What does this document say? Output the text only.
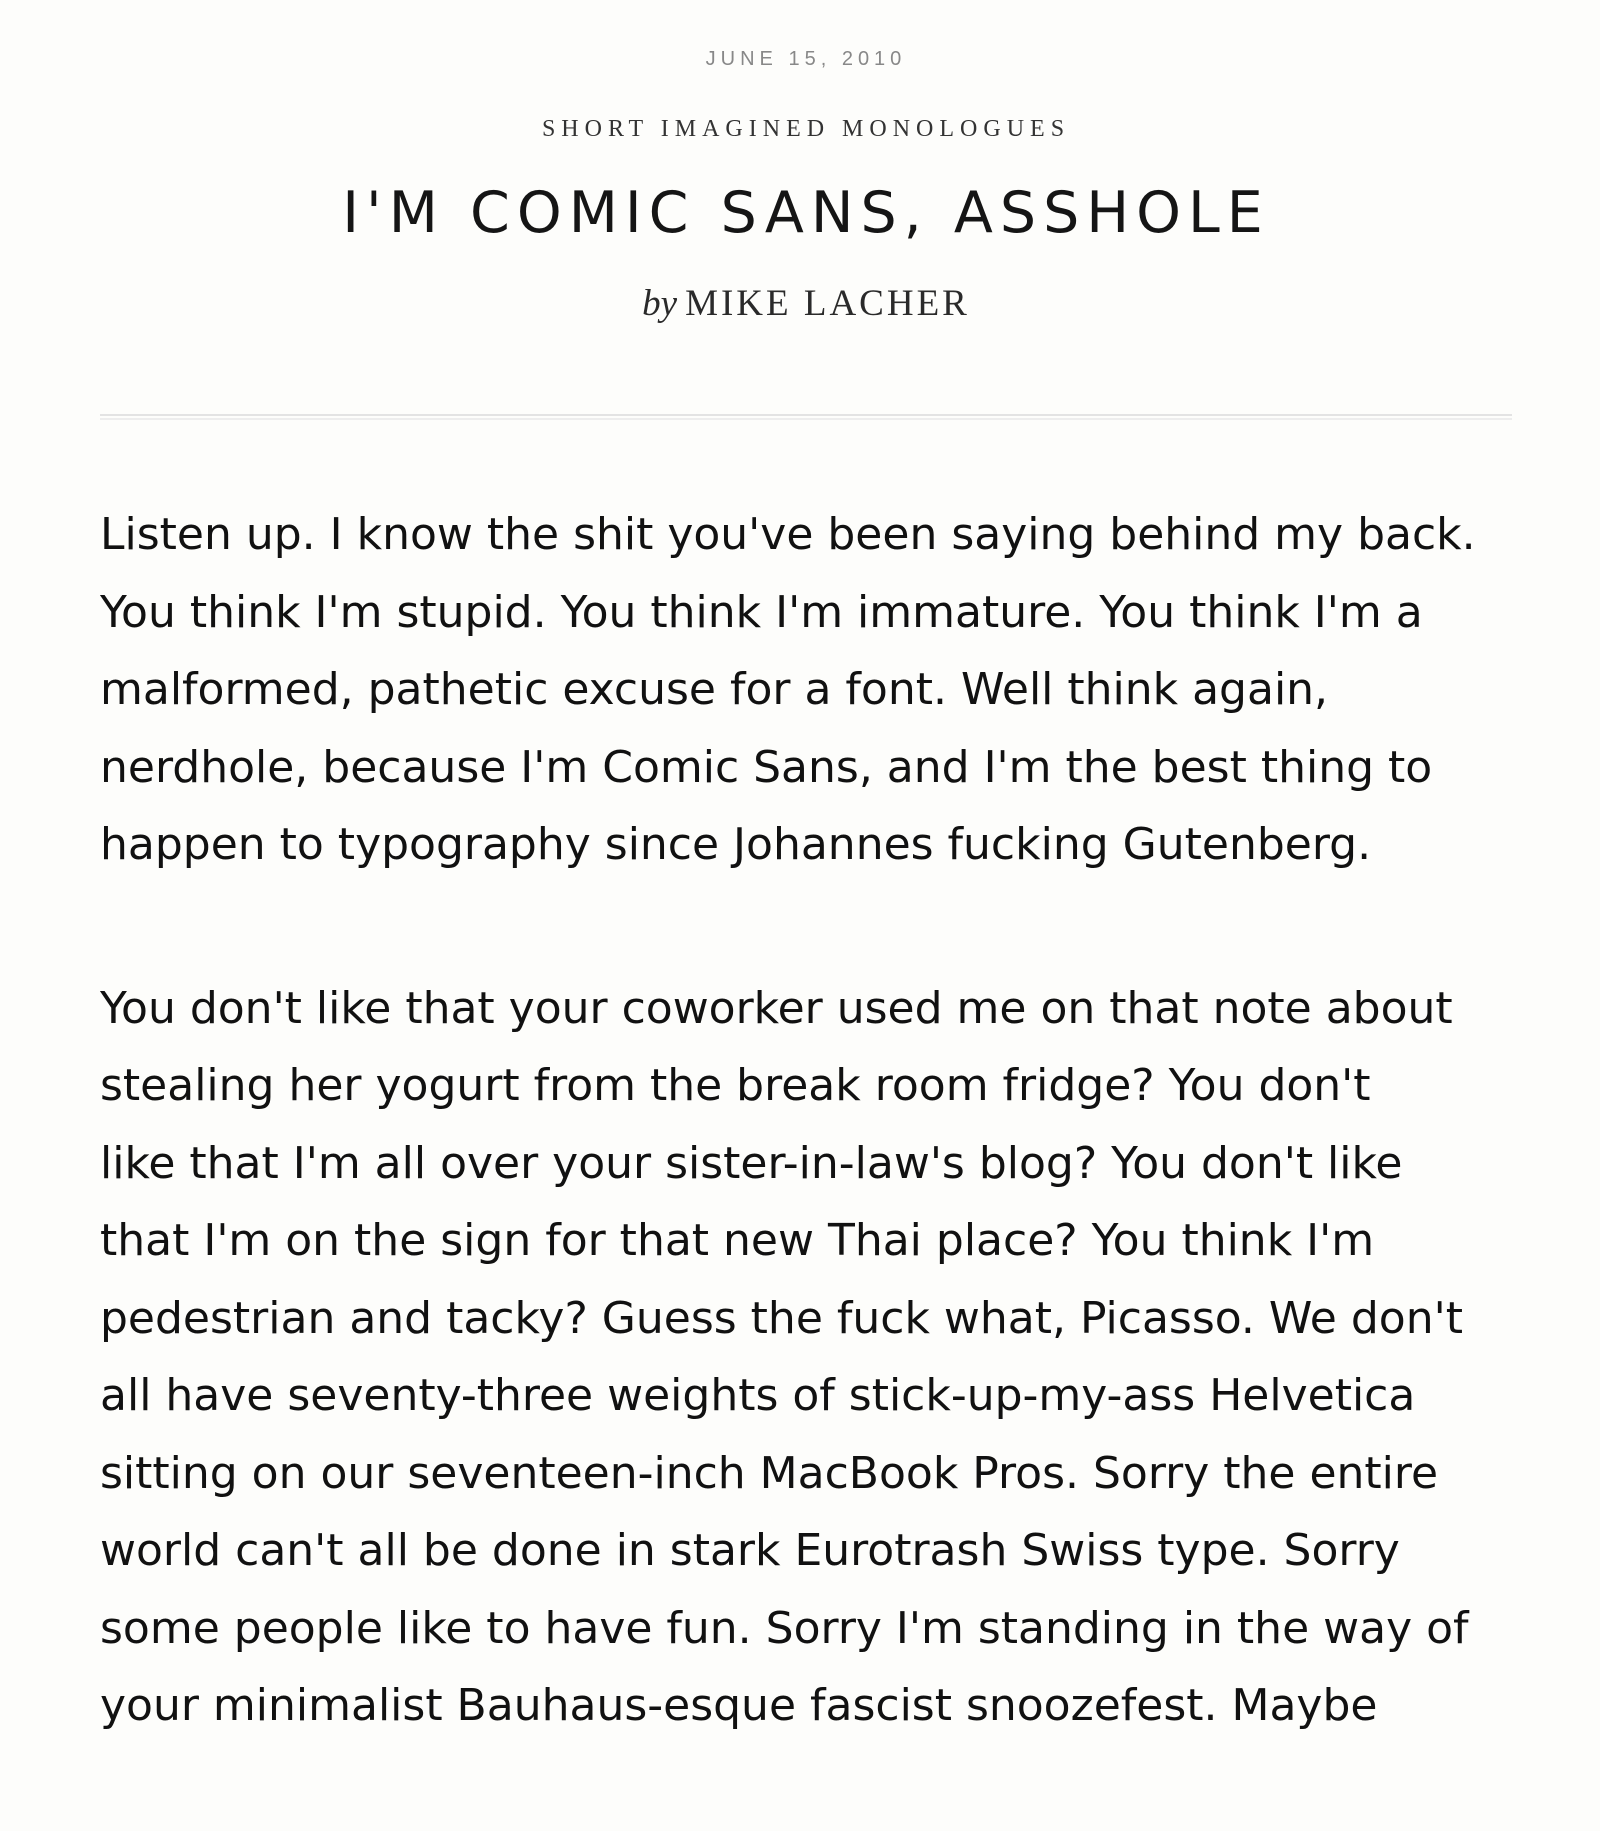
JUNE 15, 2010
SHORT IMAGINED MONOLOGUES
I'M COMIC SANS, ASSHOLE
by MIKE LACHER

Listen up. I know the shit you've been saying behind my back.
You think I'm stupid. You think I'm immature. You think I'm a
malformed, pathetic excuse for a font. Well think again,
nerdhole, because I'm Comic Sans, and I'm the best thing to
happen to typography since Johannes fucking Gutenberg.

You don't like that your coworker used me on that note about
stealing her yogurt from the break room fridge? You don't
like that I'm all over your sister-in-law's blog? You don't like
that I'm on the sign for that new Thai place? You think I'm
pedestrian and tacky? Guess the fuck what, Picasso. We don't
all have seventy-three weights of stick-up-my-ass Helvetica
sitting on our seventeen-inch MacBook Pros. Sorry the entire
world can't all be done in stark Eurotrash Swiss type. Sorry
some people like to have fun. Sorry I'm standing in the way of
your minimalist Bauhaus-esque fascist snoozefest. Maybe
